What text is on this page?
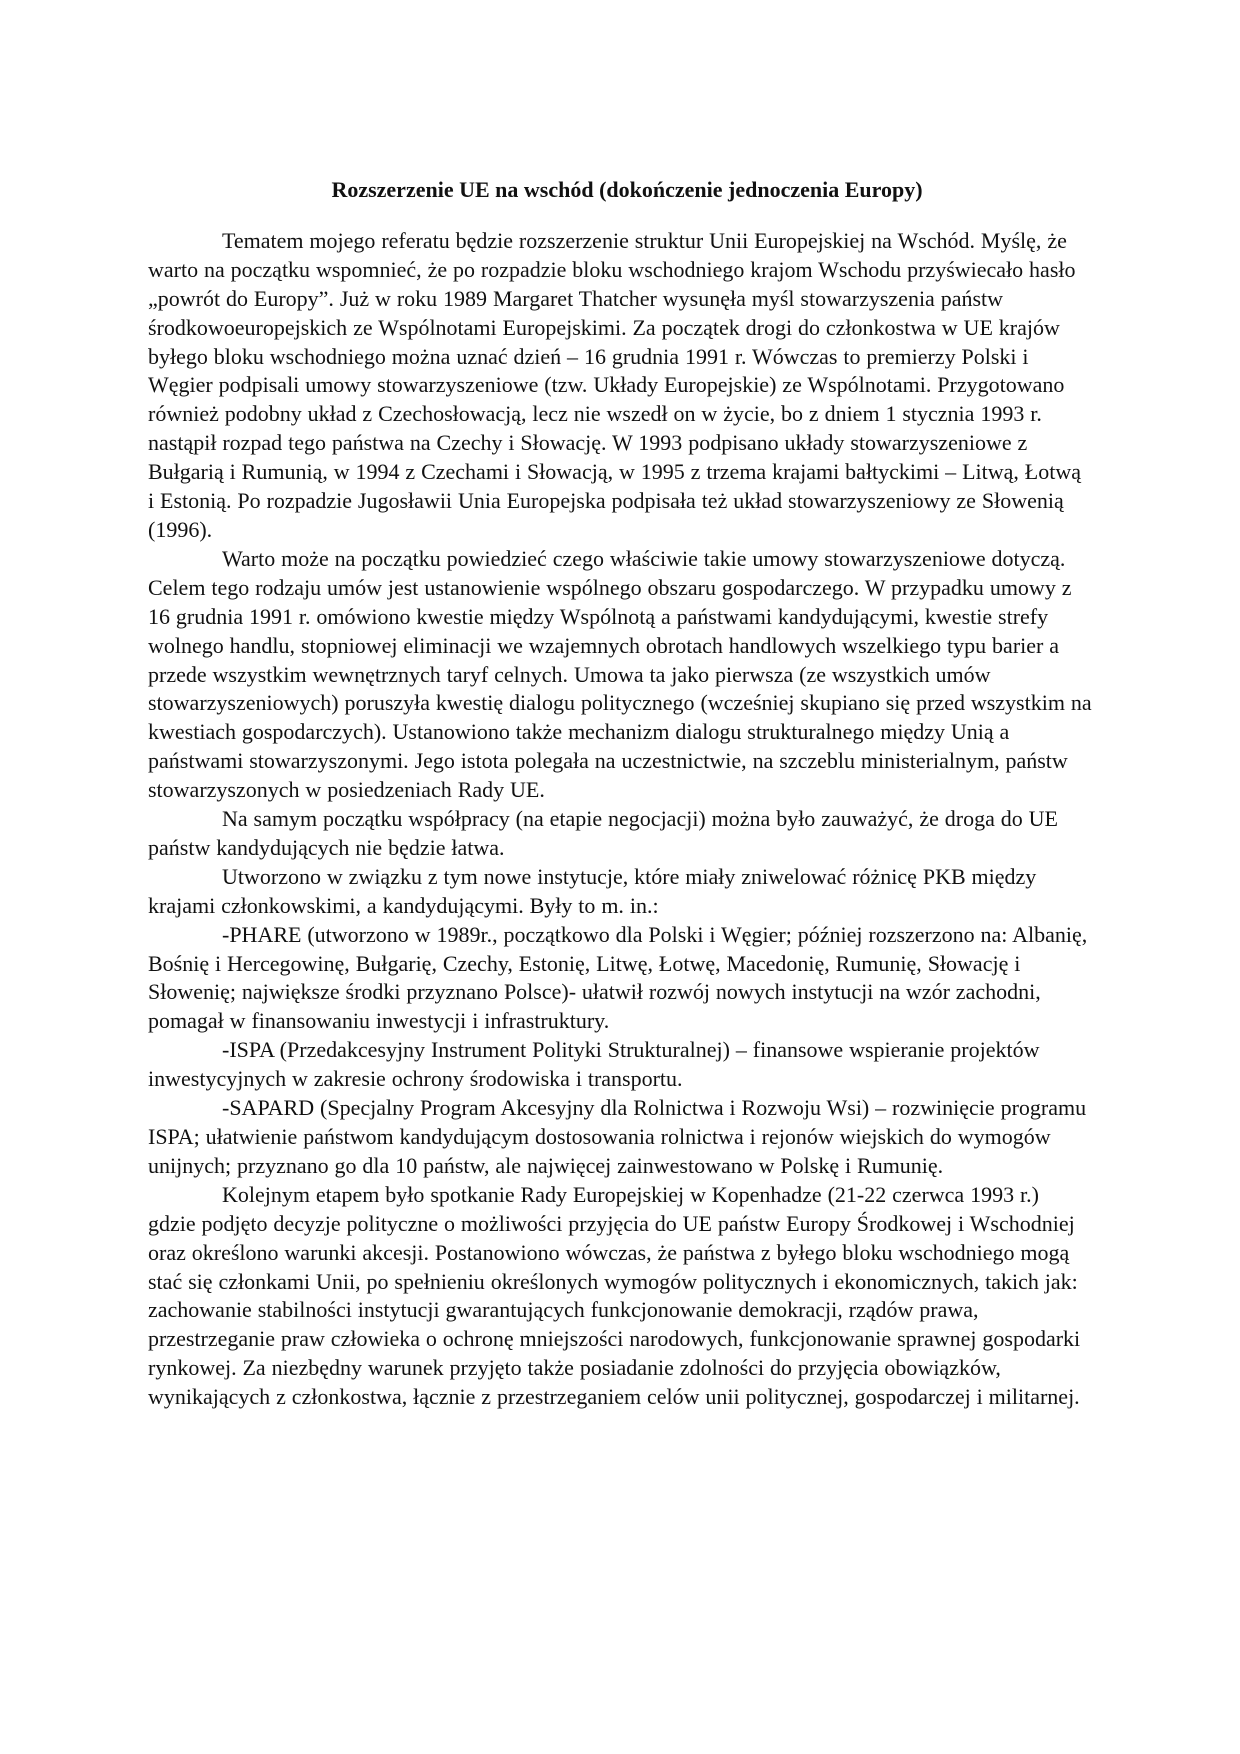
Rozszerzenie UE na wschód (dokończenie jednoczenia Europy)

Tematem mojego referatu będzie rozszerzenie struktur Unii Europejskiej na Wschód. Myślę, że warto na początku wspomnieć, że po rozpadzie bloku wschodniego krajom Wschodu przyświecało hasło „powrót do Europy”. Już w roku 1989 Margaret Thatcher wysunęła myśl stowarzyszenia państw środkowoeuropejskich ze Wspólnotami Europejskimi. Za początek drogi do członkostwa w UE krajów byłego bloku wschodniego można uznać dzień – 16 grudnia 1991 r. Wówczas to premierzy Polski i Węgier podpisali umowy stowarzyszeniowe (tzw. Układy Europejskie) ze Wspólnotami. Przygotowano również podobny układ z Czechosłowacją, lecz nie wszedł on w życie, bo z dniem 1 stycznia 1993 r. nastąpił rozpad tego państwa na Czechy i Słowację. W 1993 podpisano układy stowarzyszeniowe z Bułgarią i Rumunią, w 1994 z Czechami i Słowacją, w 1995 z trzema krajami bałtyckimi – Litwą, Łotwą i Estonią. Po rozpadzie Jugosławii Unia Europejska podpisała też układ stowarzyszeniowy ze Słowenią (1996).

Warto może na początku powiedzieć czego właściwie takie umowy stowarzyszeniowe dotyczą. Celem tego rodzaju umów jest ustanowienie wspólnego obszaru gospodarczego. W przypadku umowy z 16 grudnia 1991 r. omówiono kwestie między Wspólnotą a państwami kandydującymi, kwestie strefy wolnego handlu, stopniowej eliminacji we wzajemnych obrotach handlowych wszelkiego typu barier a przede wszystkim wewnętrznych taryf celnych. Umowa ta jako pierwsza (ze wszystkich umów stowarzyszeniowych) poruszyła kwestię dialogu politycznego (wcześniej skupiano się przed wszystkim na kwestiach gospodarczych). Ustanowiono także mechanizm dialogu strukturalnego między Unią a państwami stowarzyszonymi. Jego istota polegała na uczestnictwie, na szczeblu ministerialnym, państw stowarzyszonych w posiedzeniach Rady UE.

Na samym początku współpracy (na etapie negocjacji) można było zauważyć, że droga do UE państw kandydujących nie będzie łatwa.

Utworzono w związku z tym nowe instytucje, które miały zniwelować różnicę PKB między krajami członkowskimi, a kandydującymi. Były to m. in.:

-PHARE (utworzono w 1989r., początkowo dla Polski i Węgier; później rozszerzono na: Albanię, Bośnię i Hercegowinę, Bułgarię, Czechy, Estonię, Litwę, Łotwę, Macedonię, Rumunię, Słowację i Słowenię; największe środki przyznano Polsce)- ułatwił rozwój nowych instytucji na wzór zachodni, pomagał w finansowaniu inwestycji i infrastruktury.

-ISPA (Przedakcesyjny Instrument Polityki Strukturalnej) – finansowe wspieranie projektów inwestycyjnych w zakresie ochrony środowiska i transportu.

-SAPARD (Specjalny Program Akcesyjny dla Rolnictwa i Rozwoju Wsi) – rozwinięcie programu ISPA; ułatwienie państwom kandydującym dostosowania rolnictwa i rejonów wiejskich do wymogów unijnych; przyznano go dla 10 państw, ale najwięcej zainwestowano w Polskę i Rumunię.

Kolejnym etapem było spotkanie Rady Europejskiej w Kopenhadze (21-22 czerwca 1993 r.) gdzie podjęto decyzje polityczne o możliwości przyjęcia do UE państw Europy Środkowej i Wschodniej oraz określono warunki akcesji. Postanowiono wówczas, że państwa z byłego bloku wschodniego mogą stać się członkami Unii, po spełnieniu określonych wymogów politycznych i ekonomicznych, takich jak: zachowanie stabilności instytucji gwarantujących funkcjonowanie demokracji, rządów prawa, przestrzeganie praw człowieka o ochronę mniejszości narodowych, funkcjonowanie sprawnej gospodarki rynkowej. Za niezbędny warunek przyjęto także posiadanie zdolności do przyjęcia obowiązków, wynikających z członkostwa, łącznie z przestrzeganiem celów unii politycznej, gospodarczej i militarnej.
